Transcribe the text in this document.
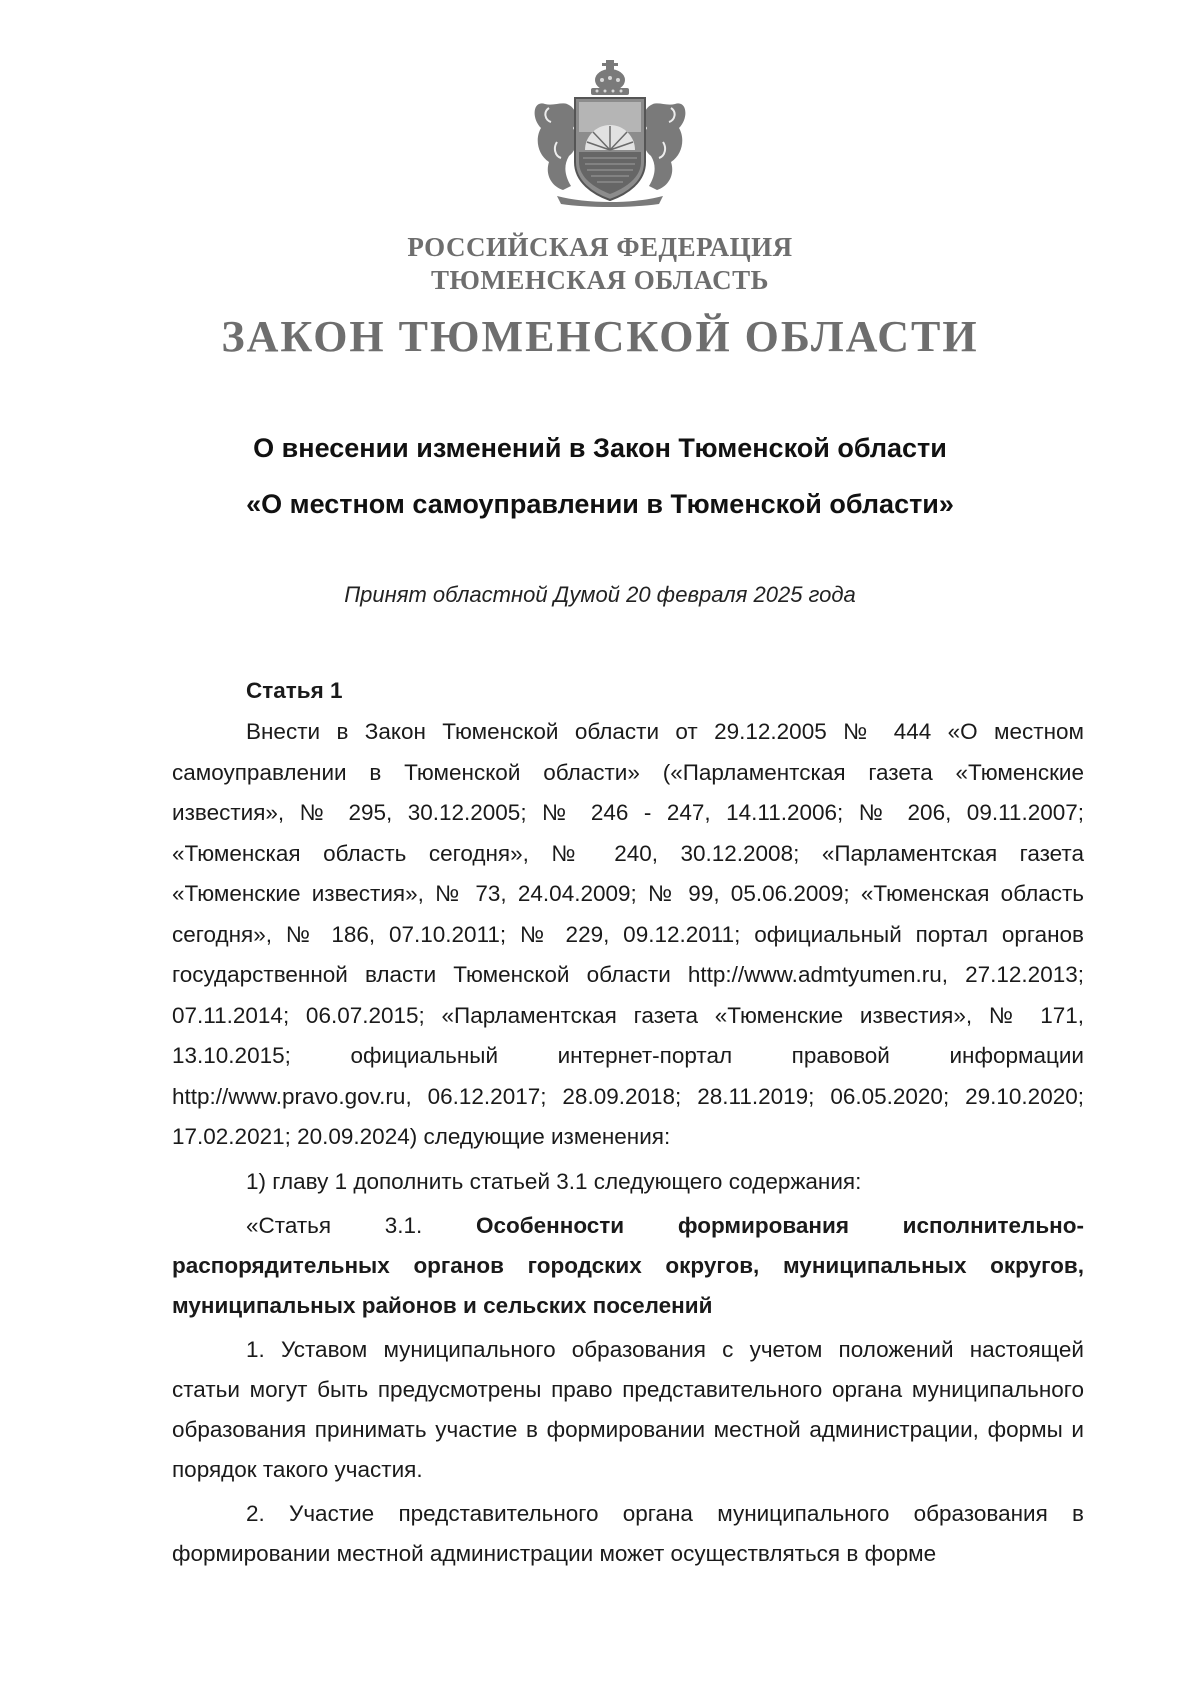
РОССИЙСКАЯ ФЕДЕРАЦИЯ
ТЮМЕНСКАЯ ОБЛАСТЬ
ЗАКОН ТЮМЕНСКОЙ ОБЛАСТИ
О внесении изменений в Закон Тюменской области
«О местном самоуправлении в Тюменской области»
Принят областной Думой 20 февраля 2025 года
Статья 1

Внести в Закон Тюменской области от 29.12.2005 № 444 «О местном самоуправлении в Тюменской области» («Парламентская газета «Тюменские известия», № 295, 30.12.2005; № 246 - 247, 14.11.2006; № 206, 09.11.2007; «Тюменская область сегодня», № 240, 30.12.2008; «Парламентская газета «Тюменские известия», № 73, 24.04.2009; № 99, 05.06.2009; «Тюменская область сегодня», № 186, 07.10.2011; № 229, 09.12.2011; официальный портал органов государственной власти Тюменской области http://www.admtyumen.ru, 27.12.2013; 07.11.2014; 06.07.2015; «Парламентская газета «Тюменские известия», № 171, 13.10.2015; официальный интернет-портал правовой информации http://www.pravo.gov.ru, 06.12.2017; 28.09.2018; 28.11.2019; 06.05.2020; 29.10.2020; 17.02.2021; 20.09.2024) следующие изменения:

1) главу 1 дополнить статьей 3.1 следующего содержания:

«Статья 3.1. Особенности формирования исполнительно-распорядительных органов городских округов, муниципальных округов, муниципальных районов и сельских поселений

1. Уставом муниципального образования с учетом положений настоящей статьи могут быть предусмотрены право представительного органа муниципального образования принимать участие в формировании местной администрации, формы и порядок такого участия.

2. Участие представительного органа муниципального образования в формировании местной администрации может осуществляться в форме
